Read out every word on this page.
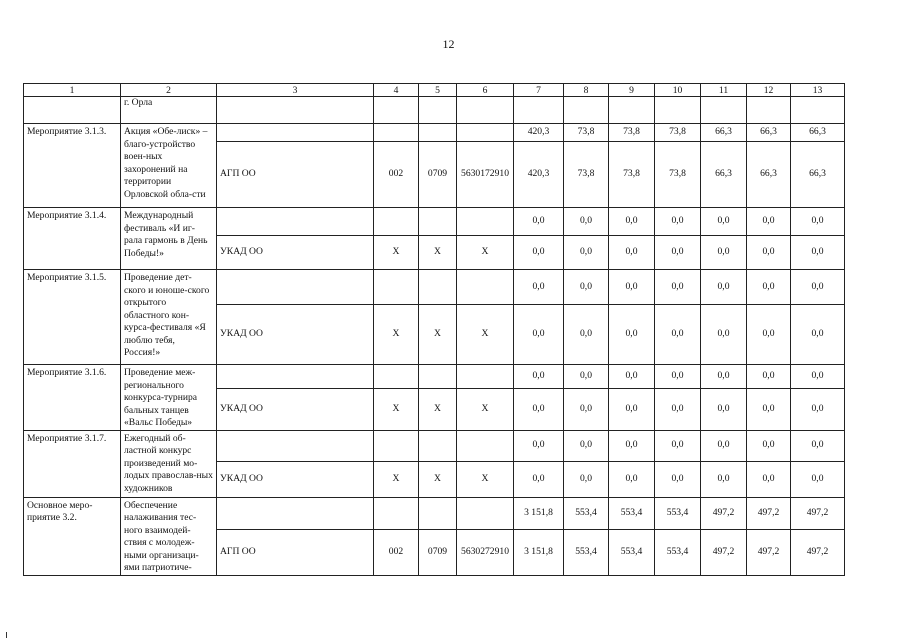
12
1	2	3	4	5	6	7	8	9	10	11	12	13
	г. Орла											
Мероприятие 3.1.3.	Акция «Обе-лиск» – благо-устройство воен-ных захоронений на территории Орловской обла-сти					420,3	73,8	73,8	73,8	66,3	66,3	66,3
		АГП ОО	002	0709	5630172910	420,3	73,8	73,8	73,8	66,3	66,3	66,3
Мероприятие 3.1.4.	Международный фестиваль «И иг-рала гармонь в День Победы!»					0,0	0,0	0,0	0,0	0,0	0,0	0,0
		УКАД ОО	Х	Х	Х	0,0	0,0	0,0	0,0	0,0	0,0	0,0
Мероприятие 3.1.5.	Проведение дет-ского и юноше-ского открытого областного кон-курса-фестиваля «Я люблю тебя, Россия!»					0,0	0,0	0,0	0,0	0,0	0,0	0,0
		УКАД ОО	Х	Х	Х	0,0	0,0	0,0	0,0	0,0	0,0	0,0
Мероприятие 3.1.6.	Проведение меж-регионального конкурса-турнира бальных танцев «Вальс Победы»					0,0	0,0	0,0	0,0	0,0	0,0	0,0
		УКАД ОО	Х	Х	Х	0,0	0,0	0,0	0,0	0,0	0,0	0,0
Мероприятие 3.1.7.	Ежегодный об-ластной конкурс произведений мо-лодых православ-ных художников					0,0	0,0	0,0	0,0	0,0	0,0	0,0
		УКАД ОО	Х	Х	Х	0,0	0,0	0,0	0,0	0,0	0,0	0,0
Основное меро-приятие 3.2.	Обеспечение налаживания тес-ного взаимодей-ствия с молодеж-ными организаци-ями патриотиче-					3 151,8	553,4	553,4	553,4	497,2	497,2	497,2
		АГП ОО	002	0709	5630272910	3 151,8	553,4	553,4	553,4	497,2	497,2	497,2
